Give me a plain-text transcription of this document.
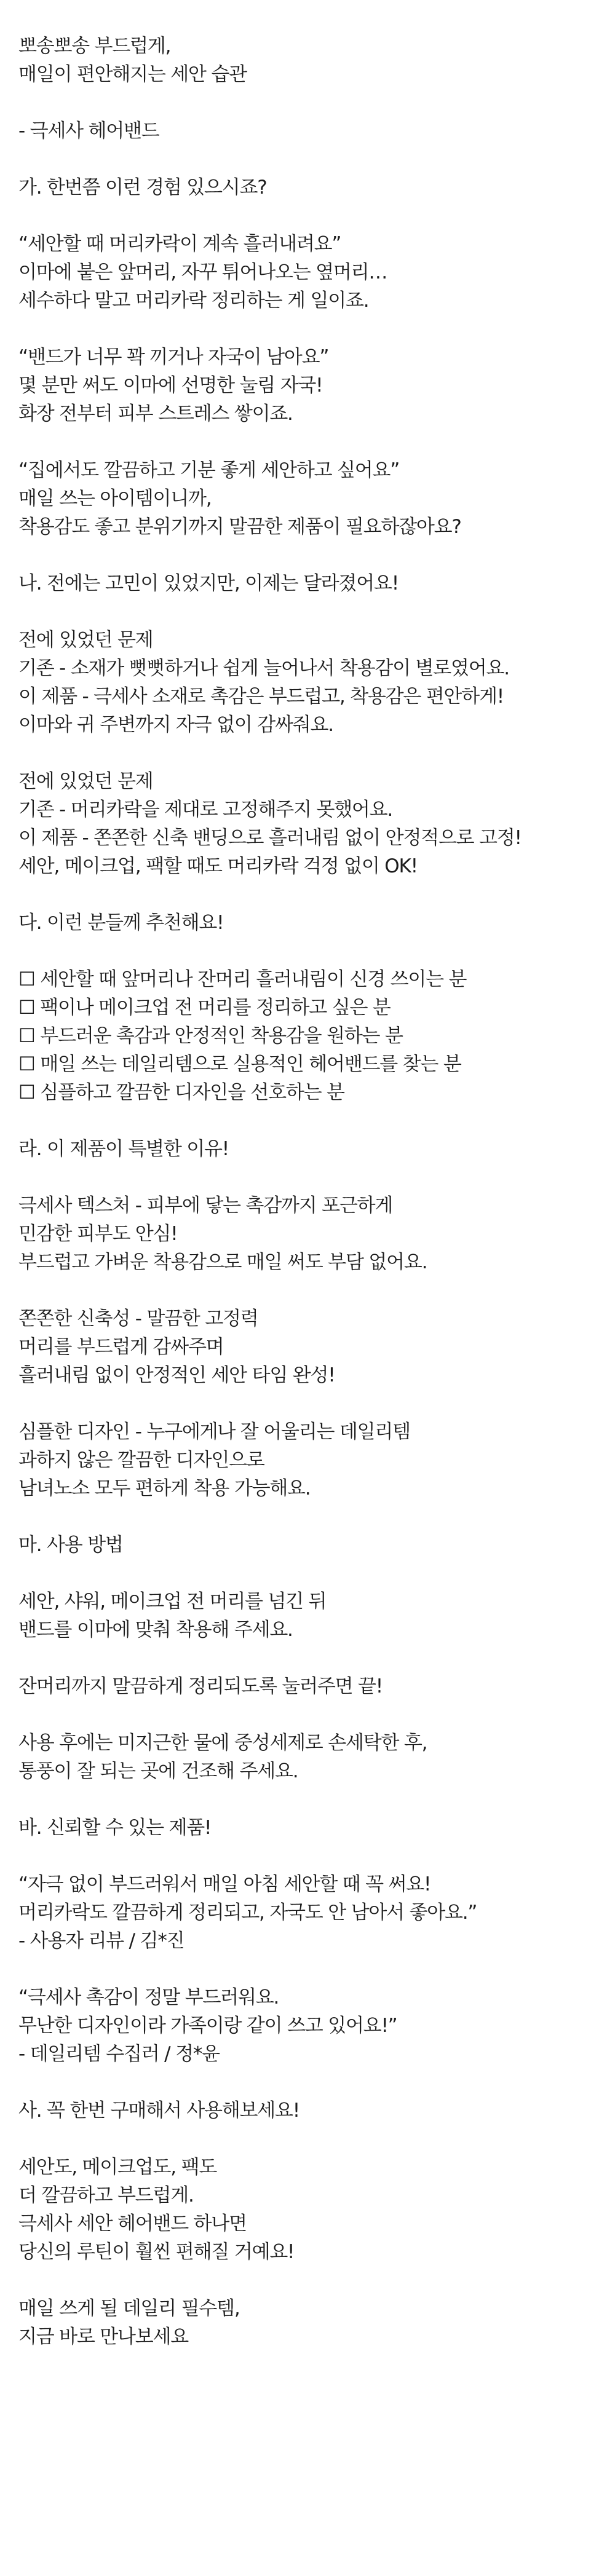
뽀송뽀송 부드럽게,
매일이 편안해지는 세안 습관
- 극세사 헤어밴드
가. 한번쯤 이런 경험 있으시죠?
“세안할 때 머리카락이 계속 흘러내려요”
이마에 붙은 앞머리, 자꾸 튀어나오는 옆머리…
세수하다 말고 머리카락 정리하는 게 일이죠.
“밴드가 너무 꽉 끼거나 자국이 남아요”
몇 분만 써도 이마에 선명한 눌림 자국!
화장 전부터 피부 스트레스 쌓이죠.
“집에서도 깔끔하고 기분 좋게 세안하고 싶어요”
매일 쓰는 아이템이니까,
착용감도 좋고 분위기까지 말끔한 제품이 필요하잖아요?
나. 전에는 고민이 있었지만, 이제는 달라졌어요!
전에 있었던 문제
기존 - 소재가 뻣뻣하거나 쉽게 늘어나서 착용감이 별로였어요.
이 제품 - 극세사 소재로 촉감은 부드럽고, 착용감은 편안하게!
이마와 귀 주변까지 자극 없이 감싸줘요.
전에 있었던 문제
기존 - 머리카락을 제대로 고정해주지 못했어요.
이 제품 - 쫀쫀한 신축 밴딩으로 흘러내림 없이 안정적으로 고정!
세안, 메이크업, 팩할 때도 머리카락 걱정 없이 OK!
다. 이런 분들께 추천해요!
☐ 세안할 때 앞머리나 잔머리 흘러내림이 신경 쓰이는 분
☐ 팩이나 메이크업 전 머리를 정리하고 싶은 분
☐ 부드러운 촉감과 안정적인 착용감을 원하는 분
☐ 매일 쓰는 데일리템으로 실용적인 헤어밴드를 찾는 분
☐ 심플하고 깔끔한 디자인을 선호하는 분
라. 이 제품이 특별한 이유!
극세사 텍스처 - 피부에 닿는 촉감까지 포근하게
민감한 피부도 안심!
부드럽고 가벼운 착용감으로 매일 써도 부담 없어요.
쫀쫀한 신축성 - 말끔한 고정력
머리를 부드럽게 감싸주며
흘러내림 없이 안정적인 세안 타임 완성!
심플한 디자인 - 누구에게나 잘 어울리는 데일리템
과하지 않은 깔끔한 디자인으로
남녀노소 모두 편하게 착용 가능해요.
마. 사용 방법
세안, 샤워, 메이크업 전 머리를 넘긴 뒤
밴드를 이마에 맞춰 착용해 주세요.
잔머리까지 말끔하게 정리되도록 눌러주면 끝!
사용 후에는 미지근한 물에 중성세제로 손세탁한 후,
통풍이 잘 되는 곳에 건조해 주세요.
바. 신뢰할 수 있는 제품!
“자극 없이 부드러워서 매일 아침 세안할 때 꼭 써요!
머리카락도 깔끔하게 정리되고, 자국도 안 남아서 좋아요.”
- 사용자 리뷰 / 김*진
“극세사 촉감이 정말 부드러워요.
무난한 디자인이라 가족이랑 같이 쓰고 있어요!”
- 데일리템 수집러 / 정*윤
사. 꼭 한번 구매해서 사용해보세요!
세안도, 메이크업도, 팩도
더 깔끔하고 부드럽게.
극세사 세안 헤어밴드 하나면
당신의 루틴이 훨씬 편해질 거예요!
매일 쓰게 될 데일리 필수템,
지금 바로 만나보세요
